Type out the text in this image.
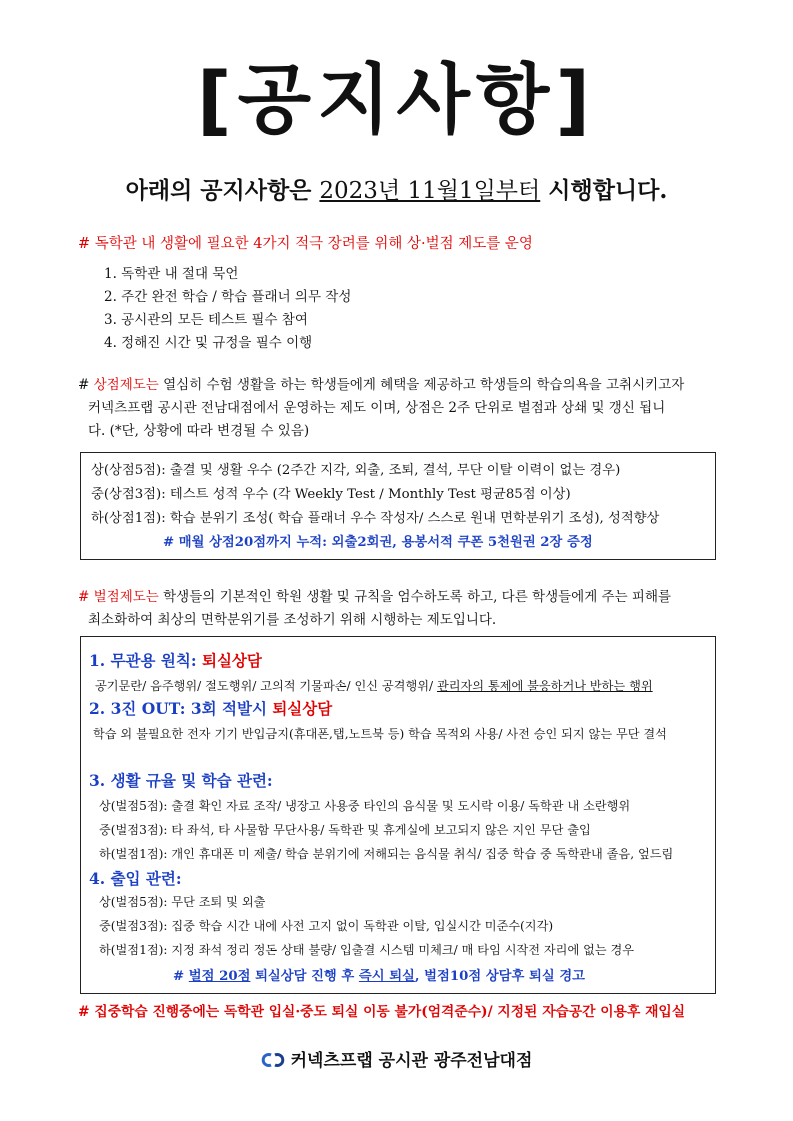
[공지사항]
아래의 공지사항은 2023년 11월1일부터 시행합니다.
# 독학관 내 생활에 필요한 4가지 적극 장려를 위해 상·벌점 제도를 운영
1. 독학관 내 절대 묵언
2. 주간 완전 학습 / 학습 플래너 의무 작성
3. 공시관의 모든 테스트 필수 참여
4. 정해진 시간 및 규정을 필수 이행
# 상점제도는 열심히 수험 생활을 하는 학생들에게 혜택을 제공하고 학생들의 학습의욕을 고취시키고자
커넥츠프랩 공시관 전남대점에서 운영하는 제도 이며, 상점은 2주 단위로 벌점과 상쇄 및 갱신 됩니
다. (*단, 상황에 따라 변경될 수 있음)
상(상점5점): 출결 및 생활 우수 (2주간 지각, 외출, 조퇴, 결석, 무단 이탈 이력이 없는 경우)
중(상점3점): 테스트 성적 우수 (각 Weekly Test / Monthly Test 평균85점 이상)
하(상점1점): 학습 분위기 조성( 학습 플래너 우수 작성자/ 스스로 원내 면학분위기 조성), 성적향상
# 매월 상점20점까지 누적: 외출2회권, 용봉서적 쿠폰 5천원권 2장 증정
# 벌점제도는 학생들의 기본적인 학원 생활 및 규칙을 엄수하도록 하고, 다른 학생들에게 주는 피해를
최소화하여 최상의 면학분위기를 조성하기 위해 시행하는 제도입니다.
1. 무관용 원칙: 퇴실상담
공기문란/ 음주행위/ 절도행위/ 고의적 기물파손/ 인신 공격행위/ 관리자의 통제에 불응하거나 반하는 행위
2. 3진 OUT: 3회 적발시 퇴실상담
학습 외 불필요한 전자 기기 반입금지(휴대폰,탭,노트북 등) 학습 목적외 사용/ 사전 승인 되지 않는 무단 결석
3. 생활 규율 및 학습 관련:
상(벌점5점): 출결 확인 자료 조작/ 냉장고 사용중 타인의 음식물 및 도시락 이용/ 독학관 내 소란행위
중(벌점3점): 타 좌석, 타 사물함 무단사용/ 독학관 및 휴게실에 보고되지 않은 지인 무단 출입
하(벌점1점): 개인 휴대폰 미 제출/ 학습 분위기에 저해되는 음식물 취식/ 집중 학습 중 독학관내 졸음, 엎드림
4. 출입 관련:
상(벌점5점): 무단 조퇴 및 외출
중(벌점3점): 집중 학습 시간 내에 사전 고지 없이 독학관 이탈, 입실시간 미준수(지각)
하(벌점1점): 지정 좌석 정리 정돈 상태 불량/ 입출결 시스템 미체크/ 매 타임 시작전 자리에 없는 경우
# 벌점 20점 퇴실상담 진행 후 즉시 퇴실, 벌점10점 상담후 퇴실 경고
# 집중학습 진행중에는 독학관 입실·중도 퇴실 이동 불가(엄격준수)/ 지정된 자습공간 이용후 재입실
커넥츠프랩 공시관 광주전남대점
